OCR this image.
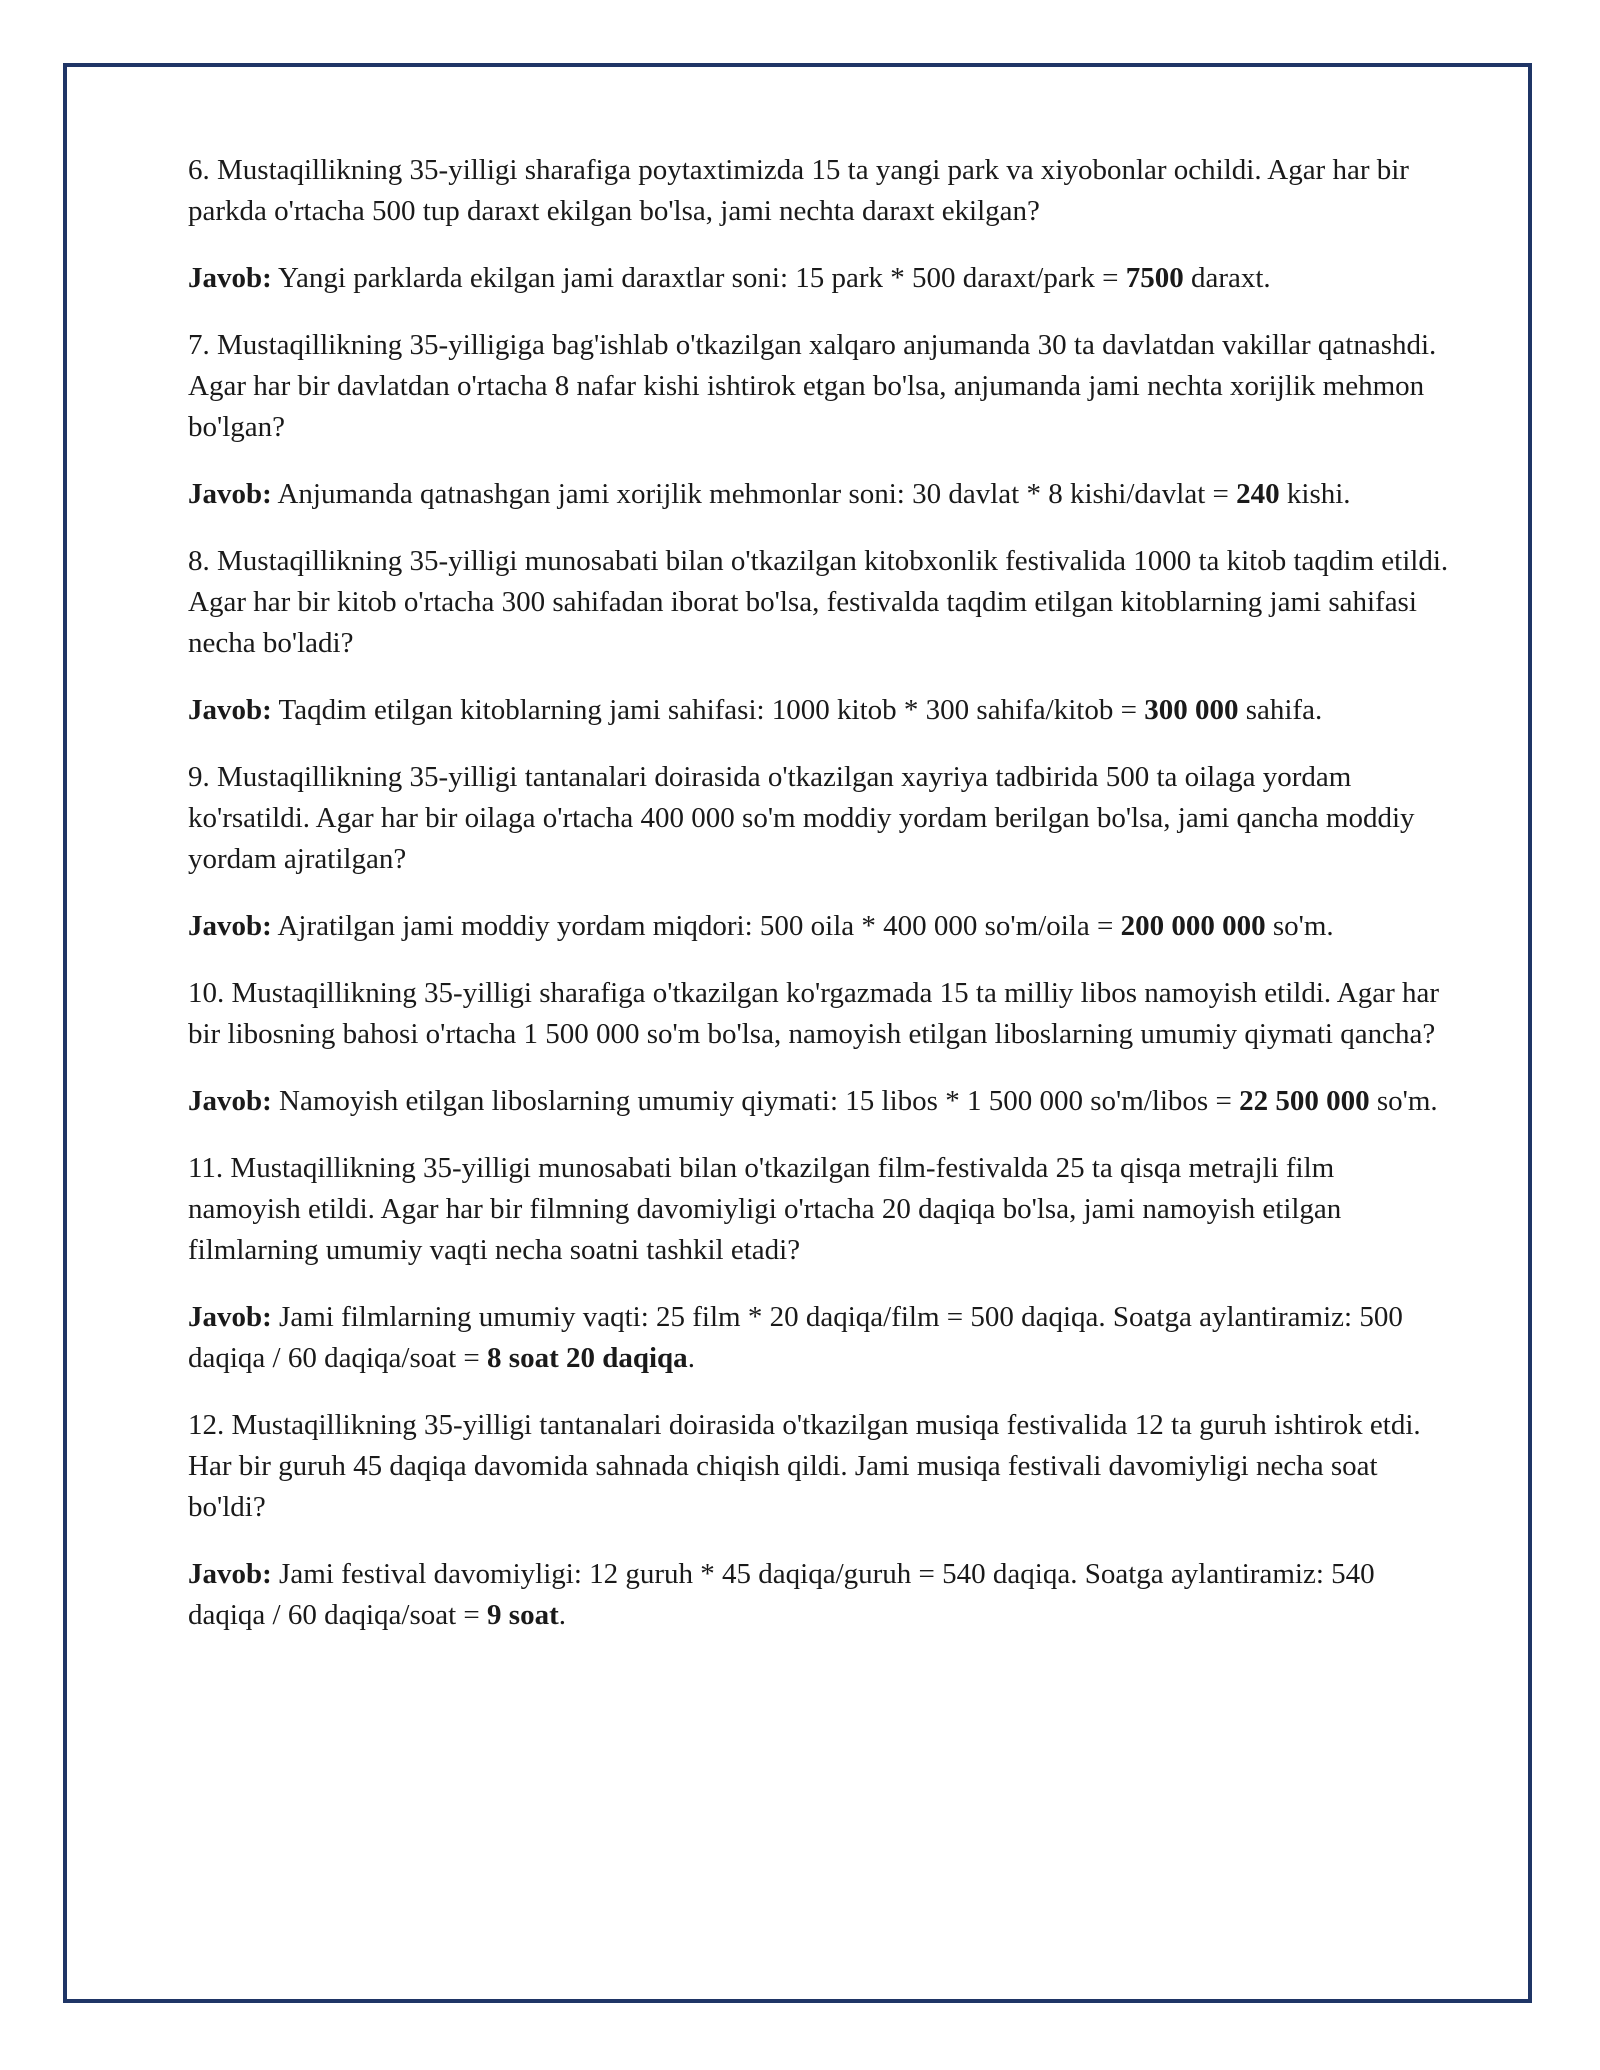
6. Mustaqillikning 35-yilligi sharafiga poytaxtimizda 15 ta yangi park va xiyobonlar ochildi. Agar har bir parkda o'rtacha 500 tup daraxt ekilgan bo'lsa, jami nechta daraxt ekilgan?

Javob: Yangi parklarda ekilgan jami daraxtlar soni: 15 park * 500 daraxt/park = 7500 daraxt.

7. Mustaqillikning 35-yilligiga bag'ishlab o'tkazilgan xalqaro anjumanda 30 ta davlatdan vakillar qatnashdi. Agar har bir davlatdan o'rtacha 8 nafar kishi ishtirok etgan bo'lsa, anjumanda jami nechta xorijlik mehmon bo'lgan?

Javob: Anjumanda qatnashgan jami xorijlik mehmonlar soni: 30 davlat * 8 kishi/davlat = 240 kishi.

8. Mustaqillikning 35-yilligi munosabati bilan o'tkazilgan kitobxonlik festivalida 1000 ta kitob taqdim etildi. Agar har bir kitob o'rtacha 300 sahifadan iborat bo'lsa, festivalda taqdim etilgan kitoblarning jami sahifasi necha bo'ladi?

Javob: Taqdim etilgan kitoblarning jami sahifasi: 1000 kitob * 300 sahifa/kitob = 300 000 sahifa.

9. Mustaqillikning 35-yilligi tantanalari doirasida o'tkazilgan xayriya tadbirida 500 ta oilaga yordam ko'rsatildi. Agar har bir oilaga o'rtacha 400 000 so'm moddiy yordam berilgan bo'lsa, jami qancha moddiy yordam ajratilgan?

Javob: Ajratilgan jami moddiy yordam miqdori: 500 oila * 400 000 so'm/oila = 200 000 000 so'm.

10. Mustaqillikning 35-yilligi sharafiga o'tkazilgan ko'rgazmada 15 ta milliy libos namoyish etildi. Agar har bir libosning bahosi o'rtacha 1 500 000 so'm bo'lsa, namoyish etilgan liboslarning umumiy qiymati qancha?

Javob: Namoyish etilgan liboslarning umumiy qiymati: 15 libos * 1 500 000 so'm/libos = 22 500 000 so'm.

11. Mustaqillikning 35-yilligi munosabati bilan o'tkazilgan film-festivalda 25 ta qisqa metrajli film namoyish etildi. Agar har bir filmning davomiyligi o'rtacha 20 daqiqa bo'lsa, jami namoyish etilgan filmlarning umumiy vaqti necha soatni tashkil etadi?

Javob: Jami filmlarning umumiy vaqti: 25 film * 20 daqiqa/film = 500 daqiqa. Soatga aylantiramiz: 500 daqiqa / 60 daqiqa/soat = 8 soat 20 daqiqa.

12. Mustaqillikning 35-yilligi tantanalari doirasida o'tkazilgan musiqa festivalida 12 ta guruh ishtirok etdi. Har bir guruh 45 daqiqa davomida sahnada chiqish qildi. Jami musiqa festivali davomiyligi necha soat bo'ldi?

Javob: Jami festival davomiyligi: 12 guruh * 45 daqiqa/guruh = 540 daqiqa. Soatga aylantiramiz: 540 daqiqa / 60 daqiqa/soat = 9 soat.
